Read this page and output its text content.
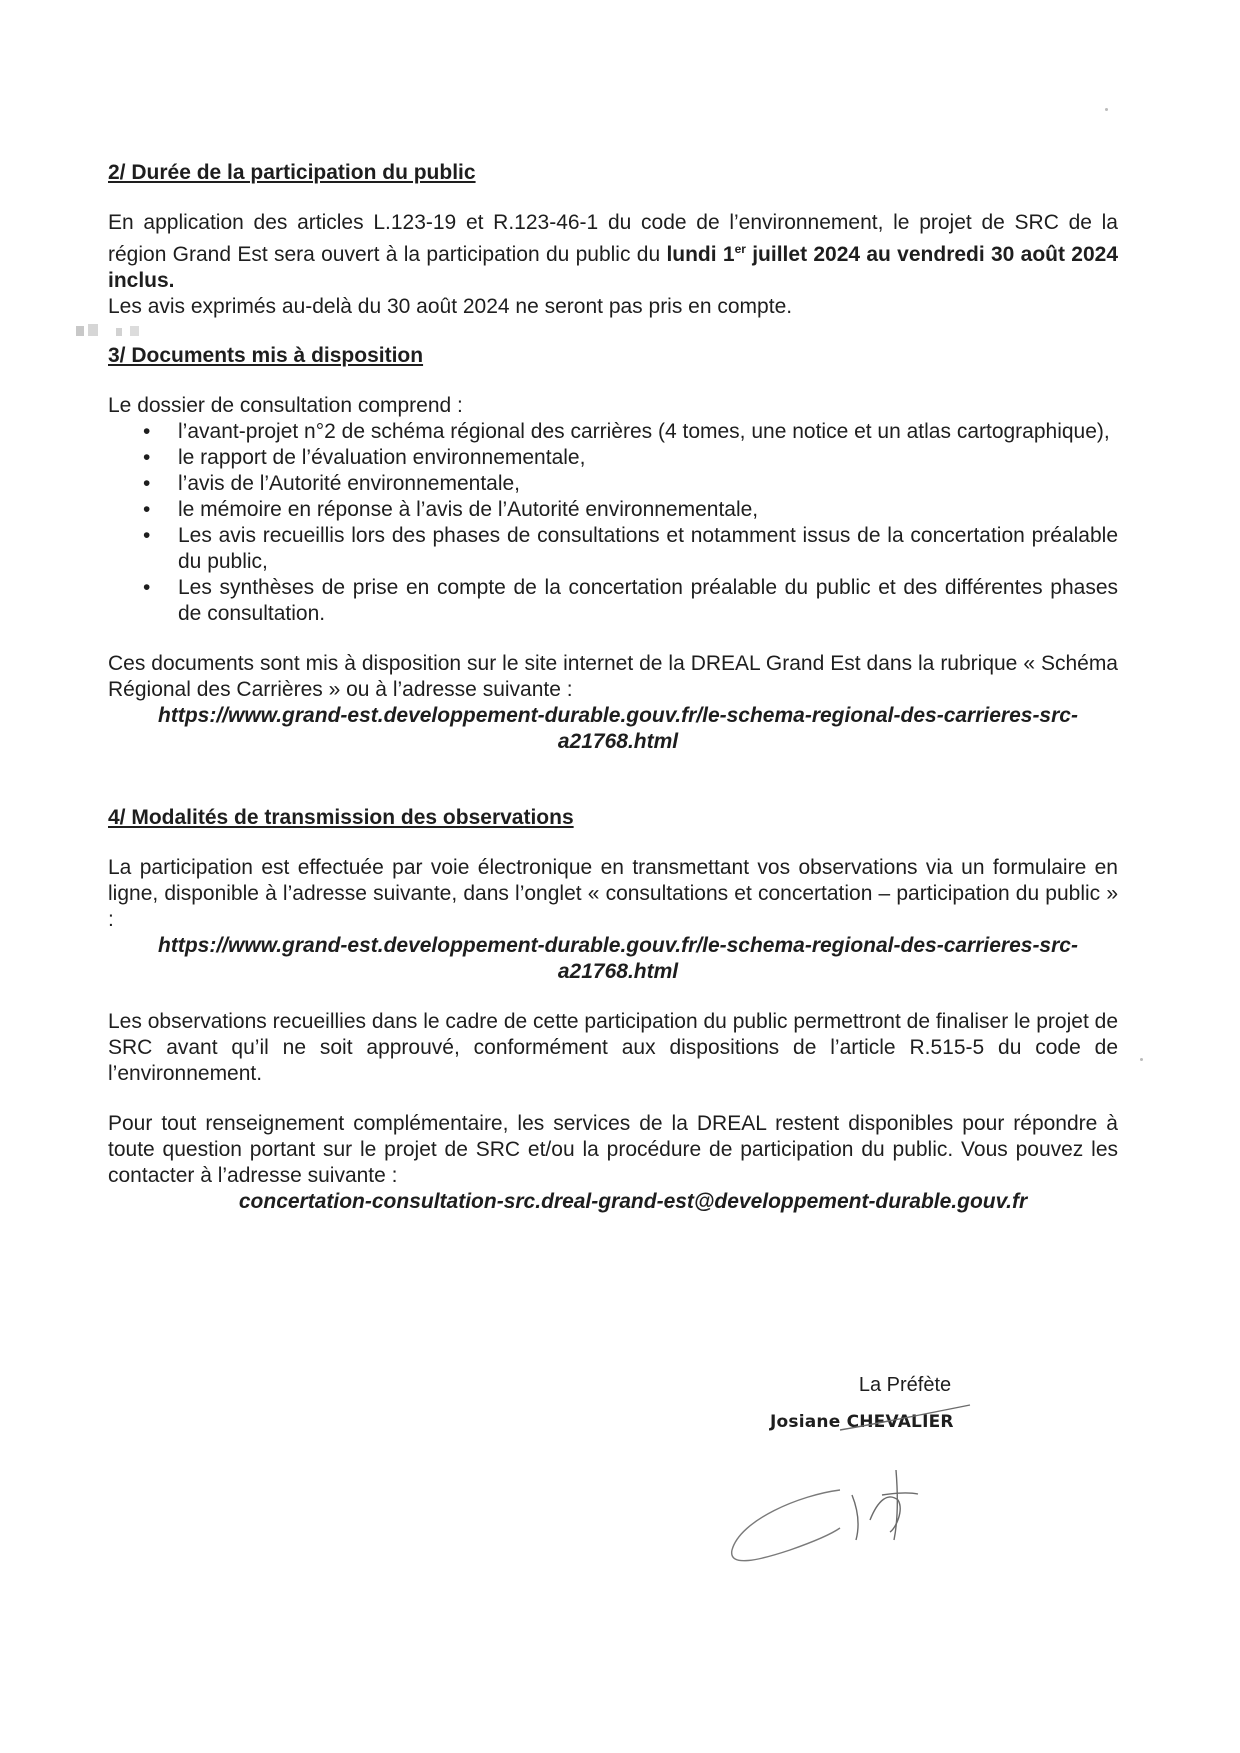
2/ Durée de la participation du public

En application des articles L.123-19 et R.123-46-1 du code de l’environnement, le projet de SRC de la région Grand Est sera ouvert à la participation du public du lundi 1er juillet 2024 au vendredi 30 août 2024 inclus.

Les avis exprimés au-delà du 30 août 2024 ne seront pas pris en compte.

3/ Documents mis à disposition

Le dossier de consultation comprend :

• l’avant-projet n°2 de schéma régional des carrières (4 tomes, une notice et un atlas cartographique),
• le rapport de l’évaluation environnementale,
• l’avis de l’Autorité environnementale,
• le mémoire en réponse à l’avis de l’Autorité environnementale,
• Les avis recueillis lors des phases de consultations et notamment issus de la concertation préalable du public,
• Les synthèses de prise en compte de la concertation préalable du public et des différentes phases de consultation.

Ces documents sont mis à disposition sur le site internet de la DREAL Grand Est dans la rubrique « Schéma Régional des Carrières » ou à l’adresse suivante :

https://www.grand-est.developpement-durable.gouv.fr/le-schema-regional-des-carrieres-src-

a21768.html

4/ Modalités de transmission des observations

La participation est effectuée par voie électronique en transmettant vos observations via un formulaire en ligne, disponible à l’adresse suivante, dans l’onglet « consultations et concertation – participation du public » :

https://www.grand-est.developpement-durable.gouv.fr/le-schema-regional-des-carrieres-src-

a21768.html

Les observations recueillies dans le cadre de cette participation du public permettront de finaliser le projet de SRC avant qu’il ne soit approuvé, conformément aux dispositions de l’article R.515-5 du code de l’environnement.

Pour tout renseignement complémentaire, les services de la DREAL restent disponibles pour répondre à toute question portant sur le projet de SRC et/ou la procédure de participation du public. Vous pouvez les contacter à l’adresse suivante :

concertation-consultation-src.dreal-grand-est@developpement-durable.gouv.fr

La Préfète
Josiane CHEVALIER
